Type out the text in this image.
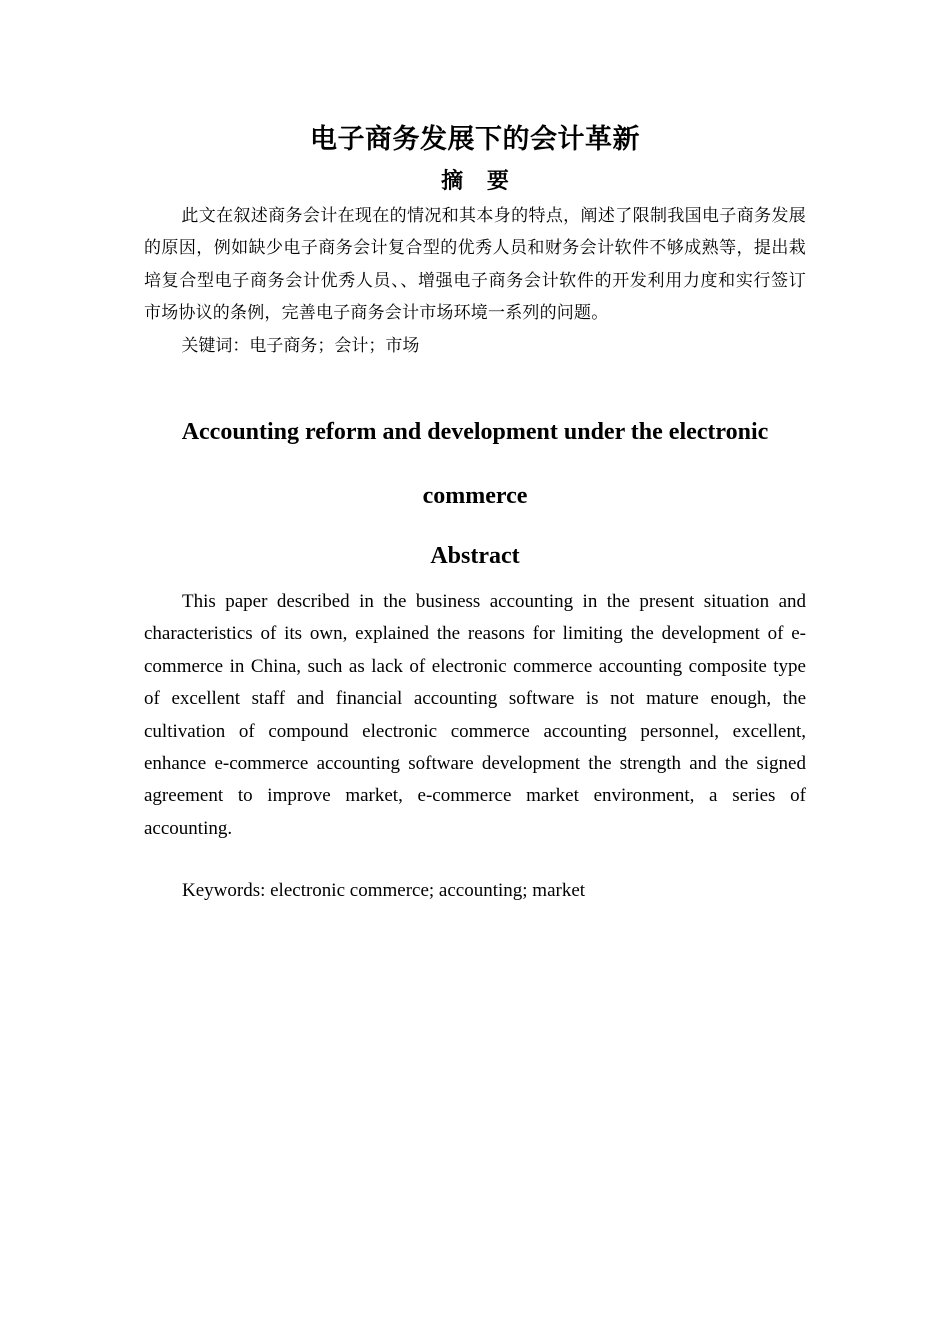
电子商务发展下的会计革新
摘 要

此文在叙述商务会计在现在的情况和其本身的特点，阐述了限制我国电子商务发展的原因，例如缺少电子商务会计复合型的优秀人员和财务会计软件不够成熟等，提出栽培复合型电子商务会计优秀人员、、增强电子商务会计软件的开发利用力度和实行签订市场协议的条例，完善电子商务会计市场环境一系列的问题。

关键词：电子商务；会计；市场

Accounting reform and development under the electronic commerce
Abstract

This paper described in the business accounting in the present situation and characteristics of its own, explained the reasons for limiting the development of e-commerce in China, such as lack of electronic commerce accounting composite type of excellent staff and financial accounting software is not mature enough, the cultivation of compound electronic commerce accounting personnel, excellent, enhance e-commerce accounting software development the strength and the signed agreement to improve market, e-commerce market environment, a series of accounting.

Keywords: electronic commerce; accounting; market
